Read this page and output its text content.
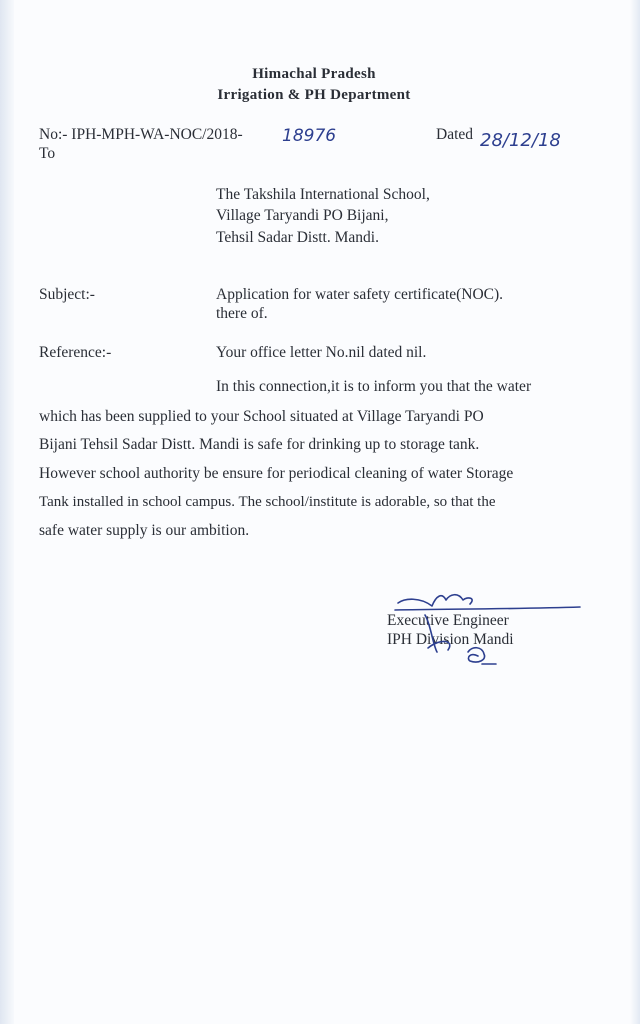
Himachal Pradesh
Irrigation & PH Department
No:- IPH-MPH-WA-NOC/2018- 18976	Dated 28/12/18
To
The Takshila International School,
Village Taryandi PO Bijani,
Tehsil Sadar Distt. Mandi.
Subject:-	Application for water safety certificate(NOC).
there of.
Reference:-	Your office letter No.nil dated nil.
In this connection,it is to inform you that the water
which has been supplied to your School situated at Village Taryandi PO
Bijani Tehsil Sadar Distt. Mandi is safe for drinking up to storage tank.
However school authority be ensure for periodical cleaning of water Storage
Tank installed in school campus. The school/institute is adorable, so that the
safe water supply is our ambition.
Executive Engineer
IPH Division Mandi
